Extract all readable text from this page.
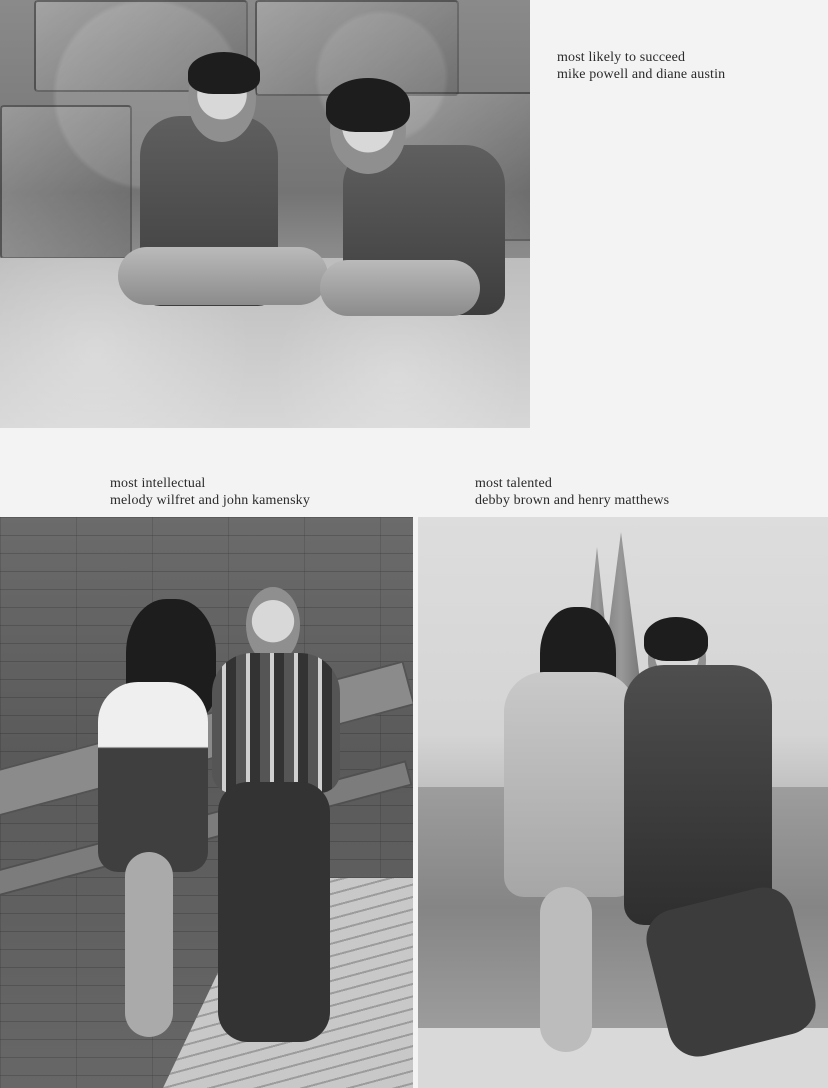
most likely to succeed
mike powell and diane austin

most intellectual
melody wilfret and john kamensky

most talented
debby brown and henry matthews
